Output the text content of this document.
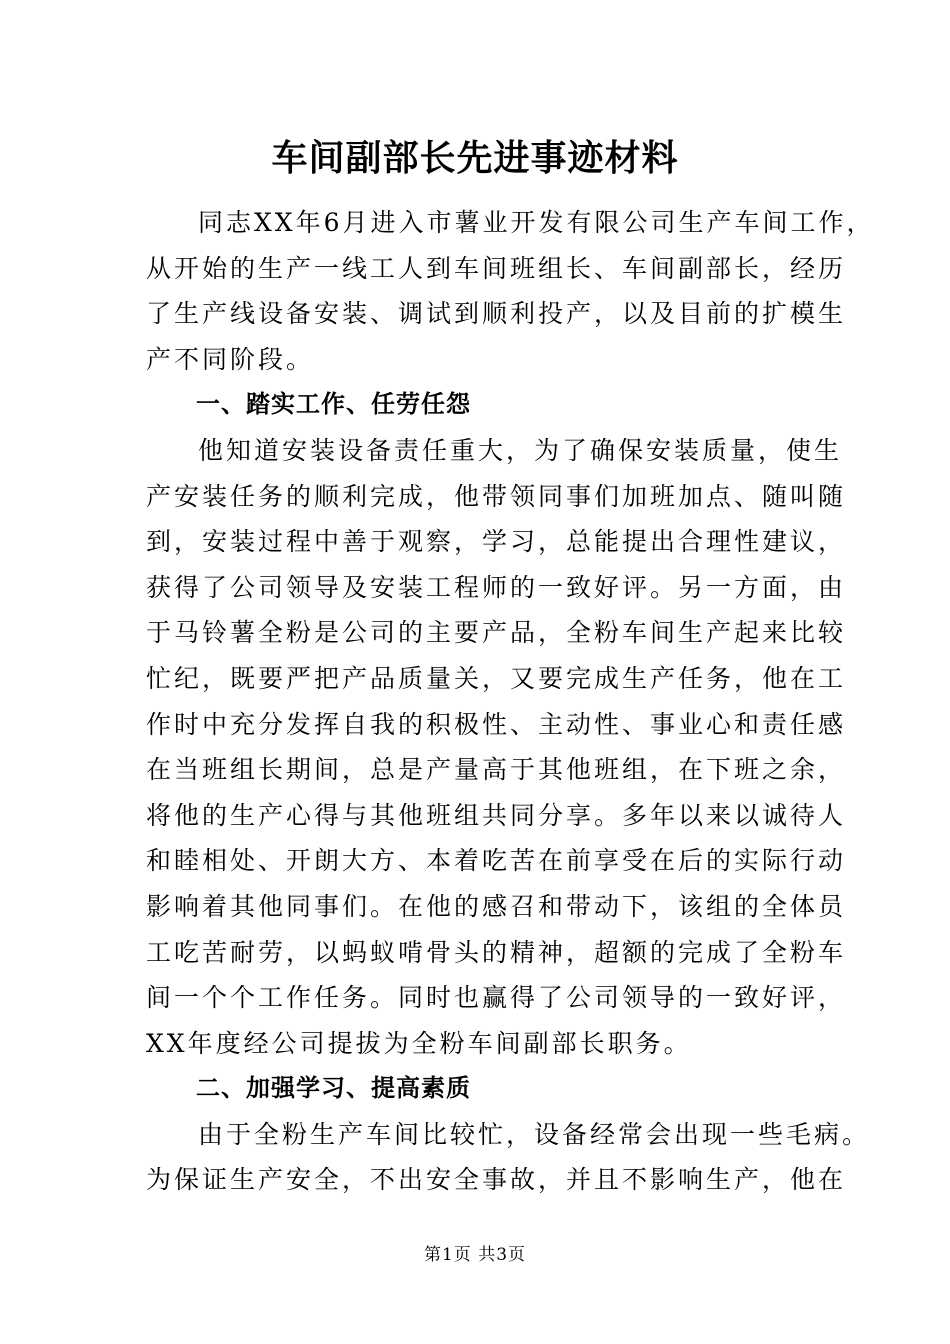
车间副部长先进事迹材料
同志XX年6月进入市薯业开发有限公司生产车间工作，
从开始的生产一线工人到车间班组长、车间副部长，经历
了生产线设备安装、调试到顺利投产，以及目前的扩模生
产不同阶段。
一、踏实工作、任劳任怨
他知道安装设备责任重大，为了确保安装质量，使生
产安装任务的顺利完成，他带领同事们加班加点、随叫随
到，安装过程中善于观察，学习，总能提出合理性建议，
获得了公司领导及安装工程师的一致好评。另一方面，由
于马铃薯全粉是公司的主要产品，全粉车间生产起来比较
忙纪，既要严把产品质量关，又要完成生产任务，他在工
作时中充分发挥自我的积极性、主动性、事业心和责任感
在当班组长期间，总是产量高于其他班组，在下班之余，
将他的生产心得与其他班组共同分享。多年以来以诚待人
和睦相处、开朗大方、本着吃苦在前享受在后的实际行动
影响着其他同事们。在他的感召和带动下，该组的全体员
工吃苦耐劳，以蚂蚁啃骨头的精神，超额的完成了全粉车
间一个个工作任务。同时也赢得了公司领导的一致好评，
XX年度经公司提拔为全粉车间副部长职务。
二、加强学习、提高素质
由于全粉生产车间比较忙，设备经常会出现一些毛病。
为保证生产安全，不出安全事故，并且不影响生产，他在
第1页 共3页
